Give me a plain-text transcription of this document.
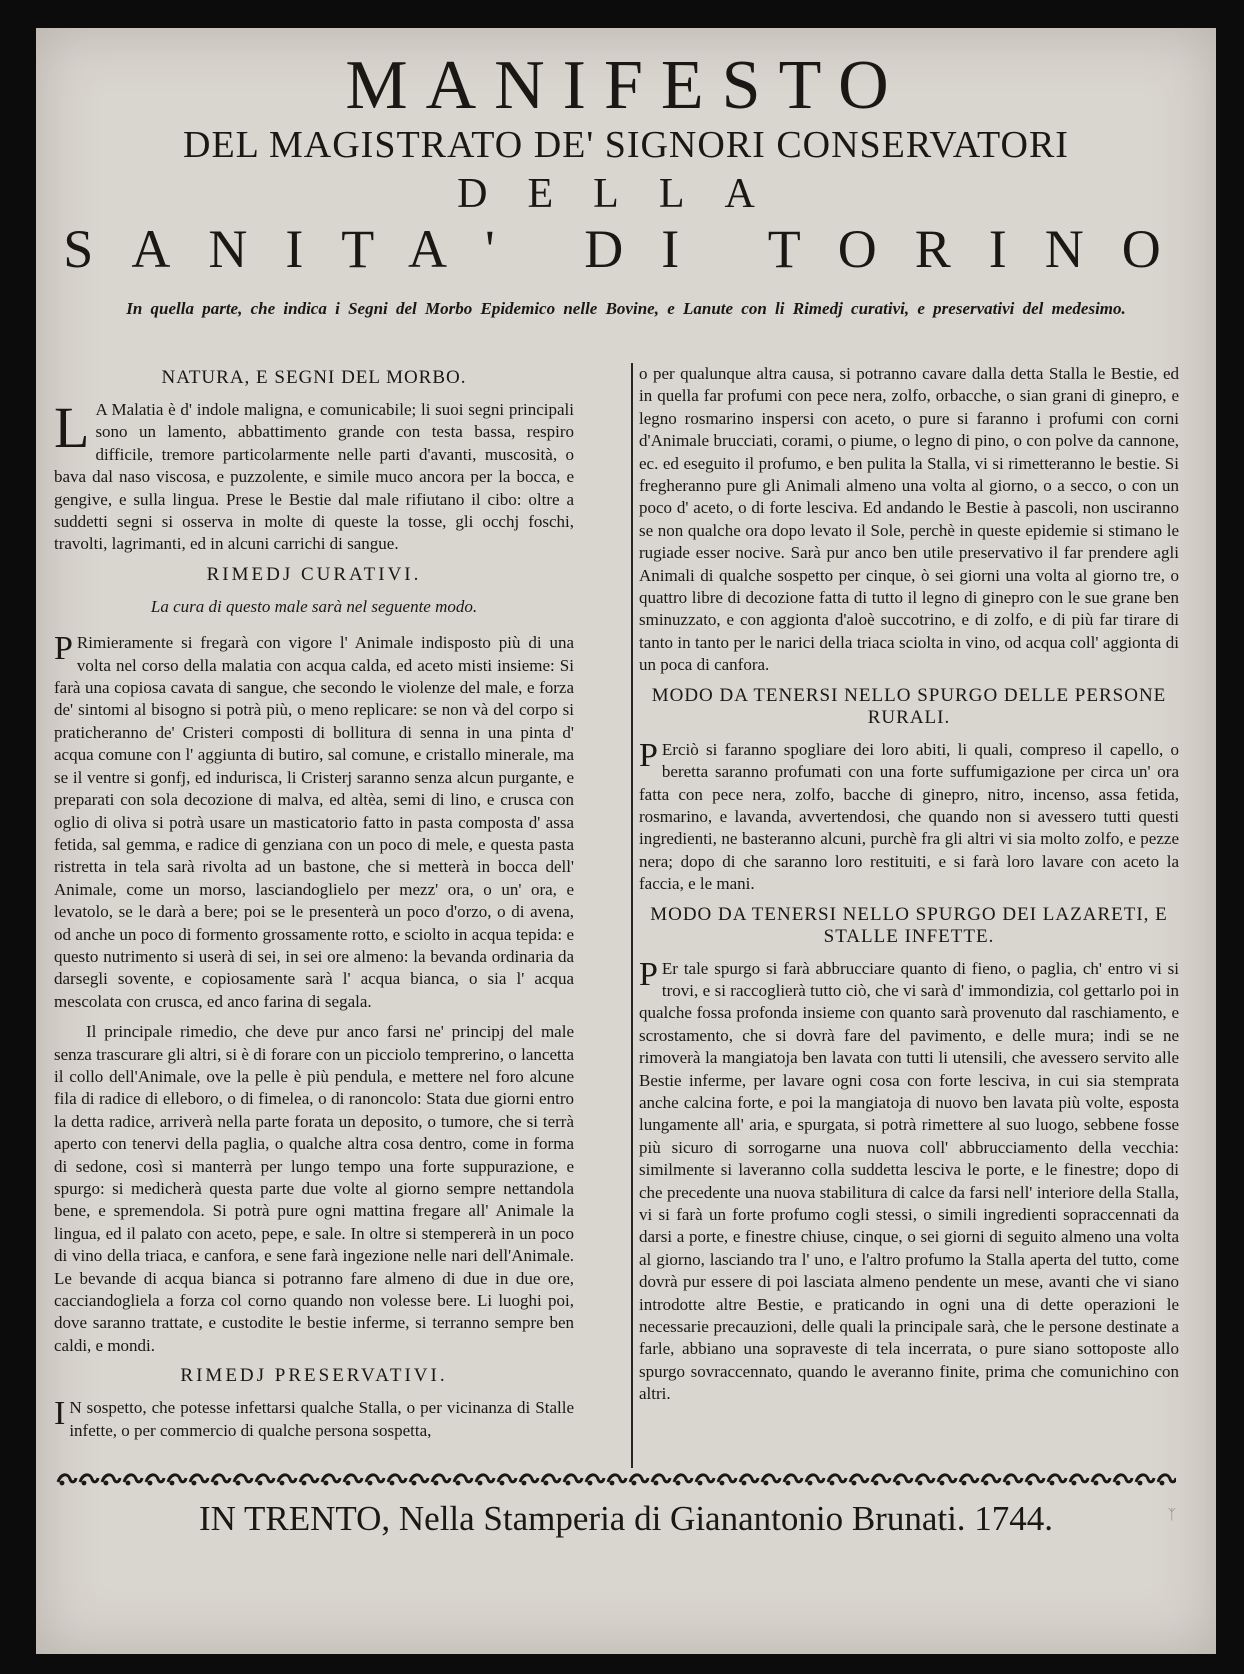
MANIFESTO
DEL MAGISTRATO DE' SIGNORI CONSERVATORI
DELLA
SANITA' DI TORINO
In quella parte, che indica i Segni del Morbo Epidemico nelle Bovine, e Lanute con li Rimedj curativi, e preservativi del medesimo.
NATURA, E SEGNI DEL MORBO.

L A Malatia è d' indole maligna, e comunicabile; li suoi segni principali sono un lamento, abbattimento grande con testa bassa, respiro difficile, tremore particolarmente nelle parti d'avanti, muscosità, o bava dal naso viscosa, e puzzolente, e simile muco ancora per la bocca, e gengive, e sulla lingua. Prese le Bestie dal male rifiutano il cibo: oltre a suddetti segni si osserva in molte di queste la tosse, gli occhj foschi, travolti, lagrimanti, ed in alcuni carrichi di sangue.

RIMEDJ CURATIVI.
La cura di questo male sarà nel seguente modo.

P Rimieramente si fregarà con vigore l' Animale indisposto più di una volta nel corso della malatia con acqua calda, ed aceto misti insieme: Si farà una copiosa cavata di sangue, che secondo le violenze del male, e forza de' sintomi al bisogno si potrà più, o meno replicare: se non và del corpo si praticheranno de' Cristeri composti di bollitura di senna in una pinta d' acqua comune con l' aggiunta di butiro, sal comune, e cristallo minerale, ma se il ventre si gonfj, ed indurisca, li Cristerj saranno senza alcun purgante, e preparati con sola decozione di malva, ed altèa, semi di lino, e crusca con oglio di oliva si potrà usare un masticatorio fatto in pasta composta d' assa fetida, sal gemma, e radice di genziana con un poco di mele, e questa pasta ristretta in tela sarà rivolta ad un bastone, che si metterà in bocca dell' Animale, come un morso, lasciandoglielo per mezz' ora, o un' ora, e levatolo, se le darà a bere; poi se le presenterà un poco d'orzo, o di avena, od anche un poco di formento grossamente rotto, e sciolto in acqua tepida: e questo nutrimento si userà di sei, in sei ore almeno: la bevanda ordinaria da darsegli sovente, e copiosamente sarà l' acqua bianca, o sia l' acqua mescolata con crusca, ed anco farina di segala.

Il principale rimedio, che deve pur anco farsi ne' principj del male senza trascurare gli altri, si è di forare con un picciolo temprerino, o lancetta il collo dell'Animale, ove la pelle è più pendula, e mettere nel foro alcune fila di radice di elleboro, o di fimelea, o di ranoncolo: Stata due giorni entro la detta radice, arriverà nella parte forata un deposito, o tumore, che si terrà aperto con tenervi della paglia, o qualche altra cosa dentro, come in forma di sedone, così si manterrà per lungo tempo una forte suppurazione, e spurgo: si medicherà questa parte due volte al giorno sempre nettandola bene, e spremendola. Si potrà pure ogni mattina fregare all' Animale la lingua, ed il palato con aceto, pepe, e sale. In oltre si stempererà in un poco di vino della triaca, e canfora, e sene farà ingezione nelle nari dell'Animale. Le bevande di acqua bianca si potranno fare almeno di due in due ore, cacciandogliela a forza col corno quando non volesse bere. Li luoghi poi, dove saranno trattate, e custodite le bestie inferme, si terranno sempre ben caldi, e mondi.

RIMEDJ PRESERVATIVI.

I N sospetto, che potesse infettarsi qualche Stalla, o per vicinanza di Stalle infette, o per commercio di qualche persona sospetta,

o per qualunque altra causa, si potranno cavare dalla detta Stalla le Bestie, ed in quella far profumi con pece nera, zolfo, orbacche, o sian grani di ginepro, e legno rosmarino inspersi con aceto, o pure si faranno i profumi con corni d'Animale brucciati, corami, o piume, o legno di pino, o con polve da cannone, ec. ed eseguito il profumo, e ben pulita la Stalla, vi si rimetteranno le bestie. Si fregheranno pure gli Animali almeno una volta al giorno, o a secco, o con un poco d' aceto, o di forte lesciva. Ed andando le Bestie à pascoli, non usciranno se non qualche ora dopo levato il Sole, perchè in queste epidemie si stimano le rugiade esser nocive. Sarà pur anco ben utile preservativo il far prendere agli Animali di qualche sospetto per cinque, ò sei giorni una volta al giorno tre, o quattro libre di decozione fatta di tutto il legno di ginepro con le sue grane ben sminuzzato, e con aggionta d'aloè succotrino, e di zolfo, e di più far tirare di tanto in tanto per le narici della triaca sciolta in vino, od acqua coll' aggionta di un poca di canfora.

MODO DA TENERSI NELLO SPURGO DELLE PERSONE RURALI.

P Erciò si faranno spogliare dei loro abiti, li quali, compreso il capello, o beretta saranno profumati con una forte suffumigazione per circa un' ora fatta con pece nera, zolfo, bacche di ginepro, nitro, incenso, assa fetida, rosmarino, e lavanda, avvertendosi, che quando non si avessero tutti questi ingredienti, ne basteranno alcuni, purchè fra gli altri vi sia molto zolfo, e pezze nera; dopo di che saranno loro restituiti, e si farà loro lavare con aceto la faccia, e le mani.

MODO DA TENERSI NELLO SPURGO DEI LAZARETI, E STALLE INFETTE.

P Er tale spurgo si farà abbrucciare quanto di fieno, o paglia, ch' entro vi si trovi, e si raccoglierà tutto ciò, che vi sarà d' immondizia, col gettarlo poi in qualche fossa profonda insieme con quanto sarà provenuto dal raschiamento, e scrostamento, che si dovrà fare del pavimento, e delle mura; indi se ne rimoverà la mangiatoja ben lavata con tutti li utensili, che avessero servito alle Bestie inferme, per lavare ogni cosa con forte lesciva, in cui sia stemprata anche calcina forte, e poi la mangiatoja di nuovo ben lavata più volte, esposta lungamente all' aria, e spurgata, si potrà rimettere al suo luogo, sebbene fosse più sicuro di sorrogarne una nuova coll' abbrucciamento della vecchia: similmente si laveranno colla suddetta lesciva le porte, e le finestre; dopo di che precedente una nuova stabilitura di calce da farsi nell' interiore della Stalla, vi si farà un forte profumo cogli stessi, o simili ingredienti sopraccennati da darsi a porte, e finestre chiuse, cinque, o sei giorni di seguito almeno una volta al giorno, lasciando tra l' uno, e l'altro profumo la Stalla aperta del tutto, come dovrà pur essere di poi lasciata almeno pendente un mese, avanti che vi siano introdotte altre Bestie, e praticando in ogni una di dette operazioni le necessarie precauzioni, delle quali la principale sarà, che le persone destinate a farle, abbiano una sopraveste di tela incerrata, o pure siano sottoposte allo spurgo sovraccennato, quando le averanno finite, prima che comunichino con altri.

IN TRENTO, Nella Stamperia di Gianantonio Brunati. 1744.	ᛉ
